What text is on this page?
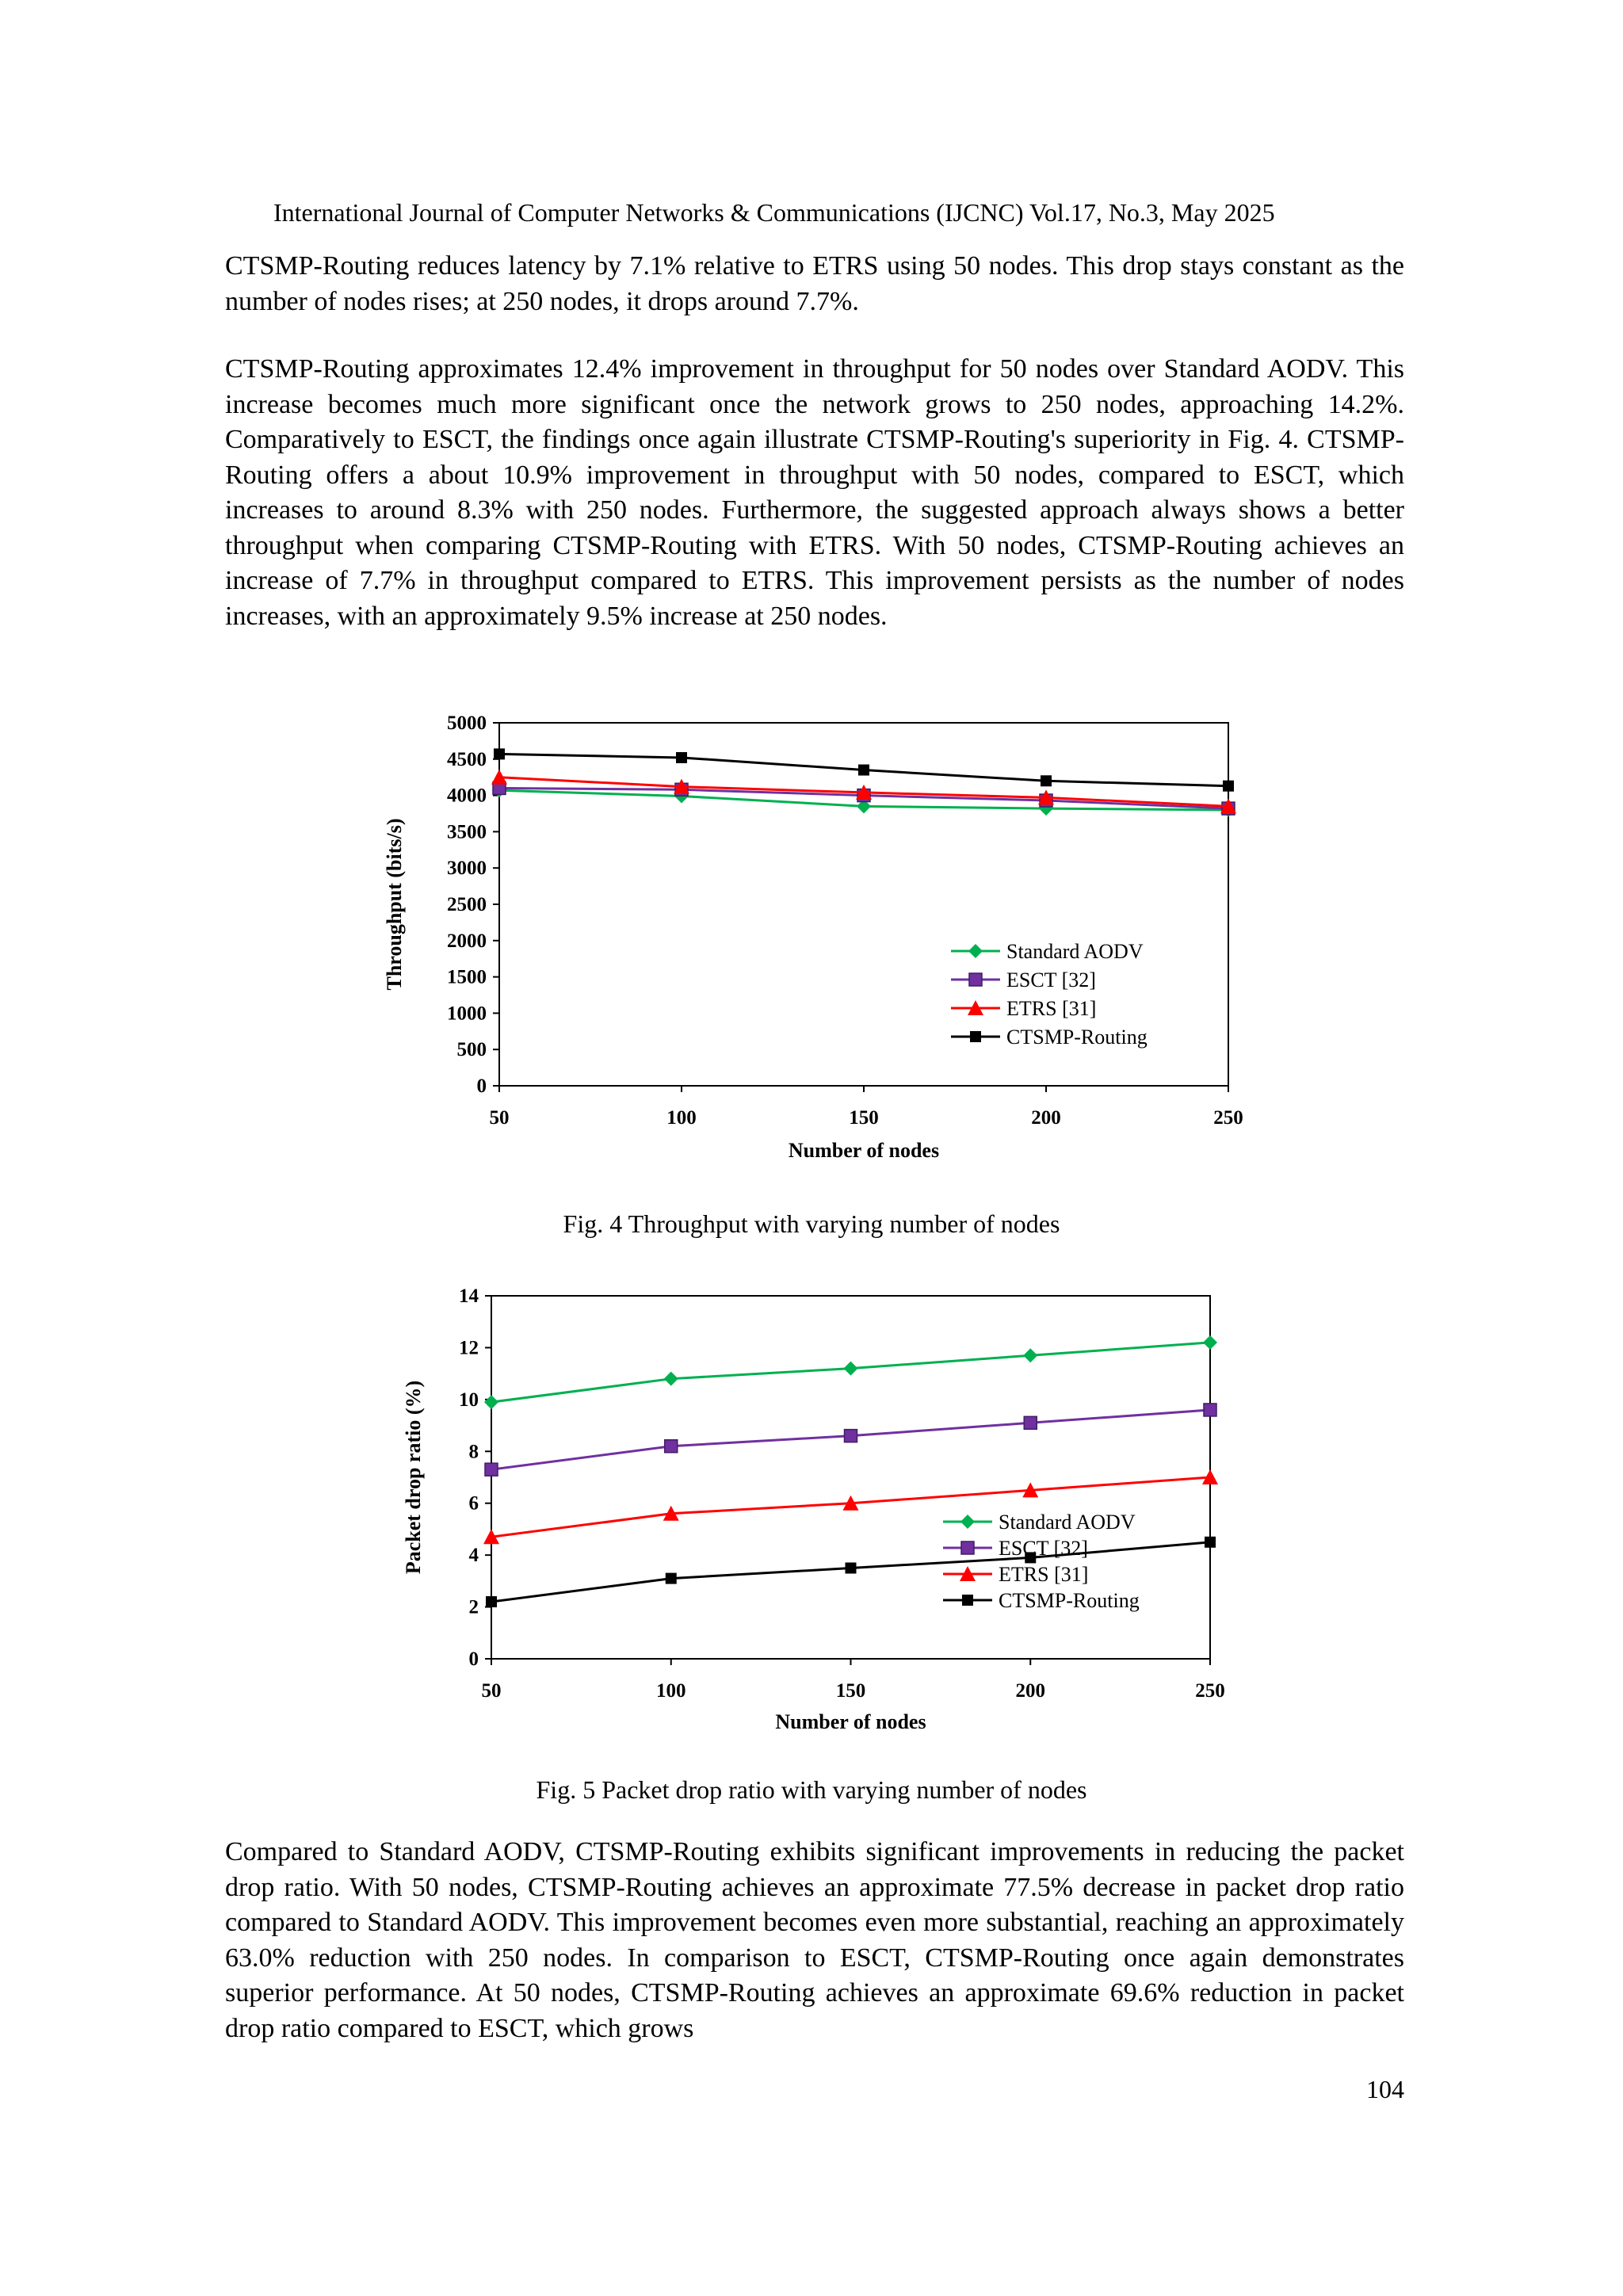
International Journal of Computer Networks & Communications (IJCNC) Vol.17, No.3, May 2025

CTSMP-Routing reduces latency by 7.1% relative to ETRS using 50 nodes. This drop stays constant as the number of nodes rises; at 250 nodes, it drops around 7.7%.

CTSMP-Routing approximates 12.4% improvement in throughput for 50 nodes over Standard AODV. This increase becomes much more significant once the network grows to 250 nodes, approaching 14.2%. Comparatively to ESCT, the findings once again illustrate CTSMP-Routing's superiority in Fig. 4. CTSMP-Routing offers a about 10.9% improvement in throughput with 50 nodes, compared to ESCT, which increases to around 8.3% with 250 nodes. Furthermore, the suggested approach always shows a better throughput when comparing CTSMP-Routing with ETRS. With 50 nodes, CTSMP-Routing achieves an increase of 7.7% in throughput compared to ETRS. This improvement persists as the number of nodes increases, with an approximately 9.5% increase at 250 nodes.

0
500
1000
1500
2000
2500
3000
3500
4000
4500
5000
50	100	150	200	250
Number of nodes
Throughput (bits/s)	Standard AODV
ESCT [32]
ETRS [31]
CTSMP-Routing
Fig. 4 Throughput with varying number of nodes
0
2
4
6
8
10
12
14
50	100	150	200	250
Number of nodes
Packet drop ratio (%)	Standard AODV
ESCT [32]
ETRS [31]
CTSMP-Routing
Fig. 5 Packet drop ratio with varying number of nodes

Compared to Standard AODV, CTSMP-Routing exhibits significant improvements in reducing the packet drop ratio. With 50 nodes, CTSMP-Routing achieves an approximate 77.5% decrease in packet drop ratio compared to Standard AODV. This improvement becomes even more substantial, reaching an approximately 63.0% reduction with 250 nodes. In comparison to ESCT, CTSMP-Routing once again demonstrates superior performance. At 50 nodes, CTSMP-Routing achieves an approximate 69.6% reduction in packet drop ratio compared to ESCT, which grows

104
